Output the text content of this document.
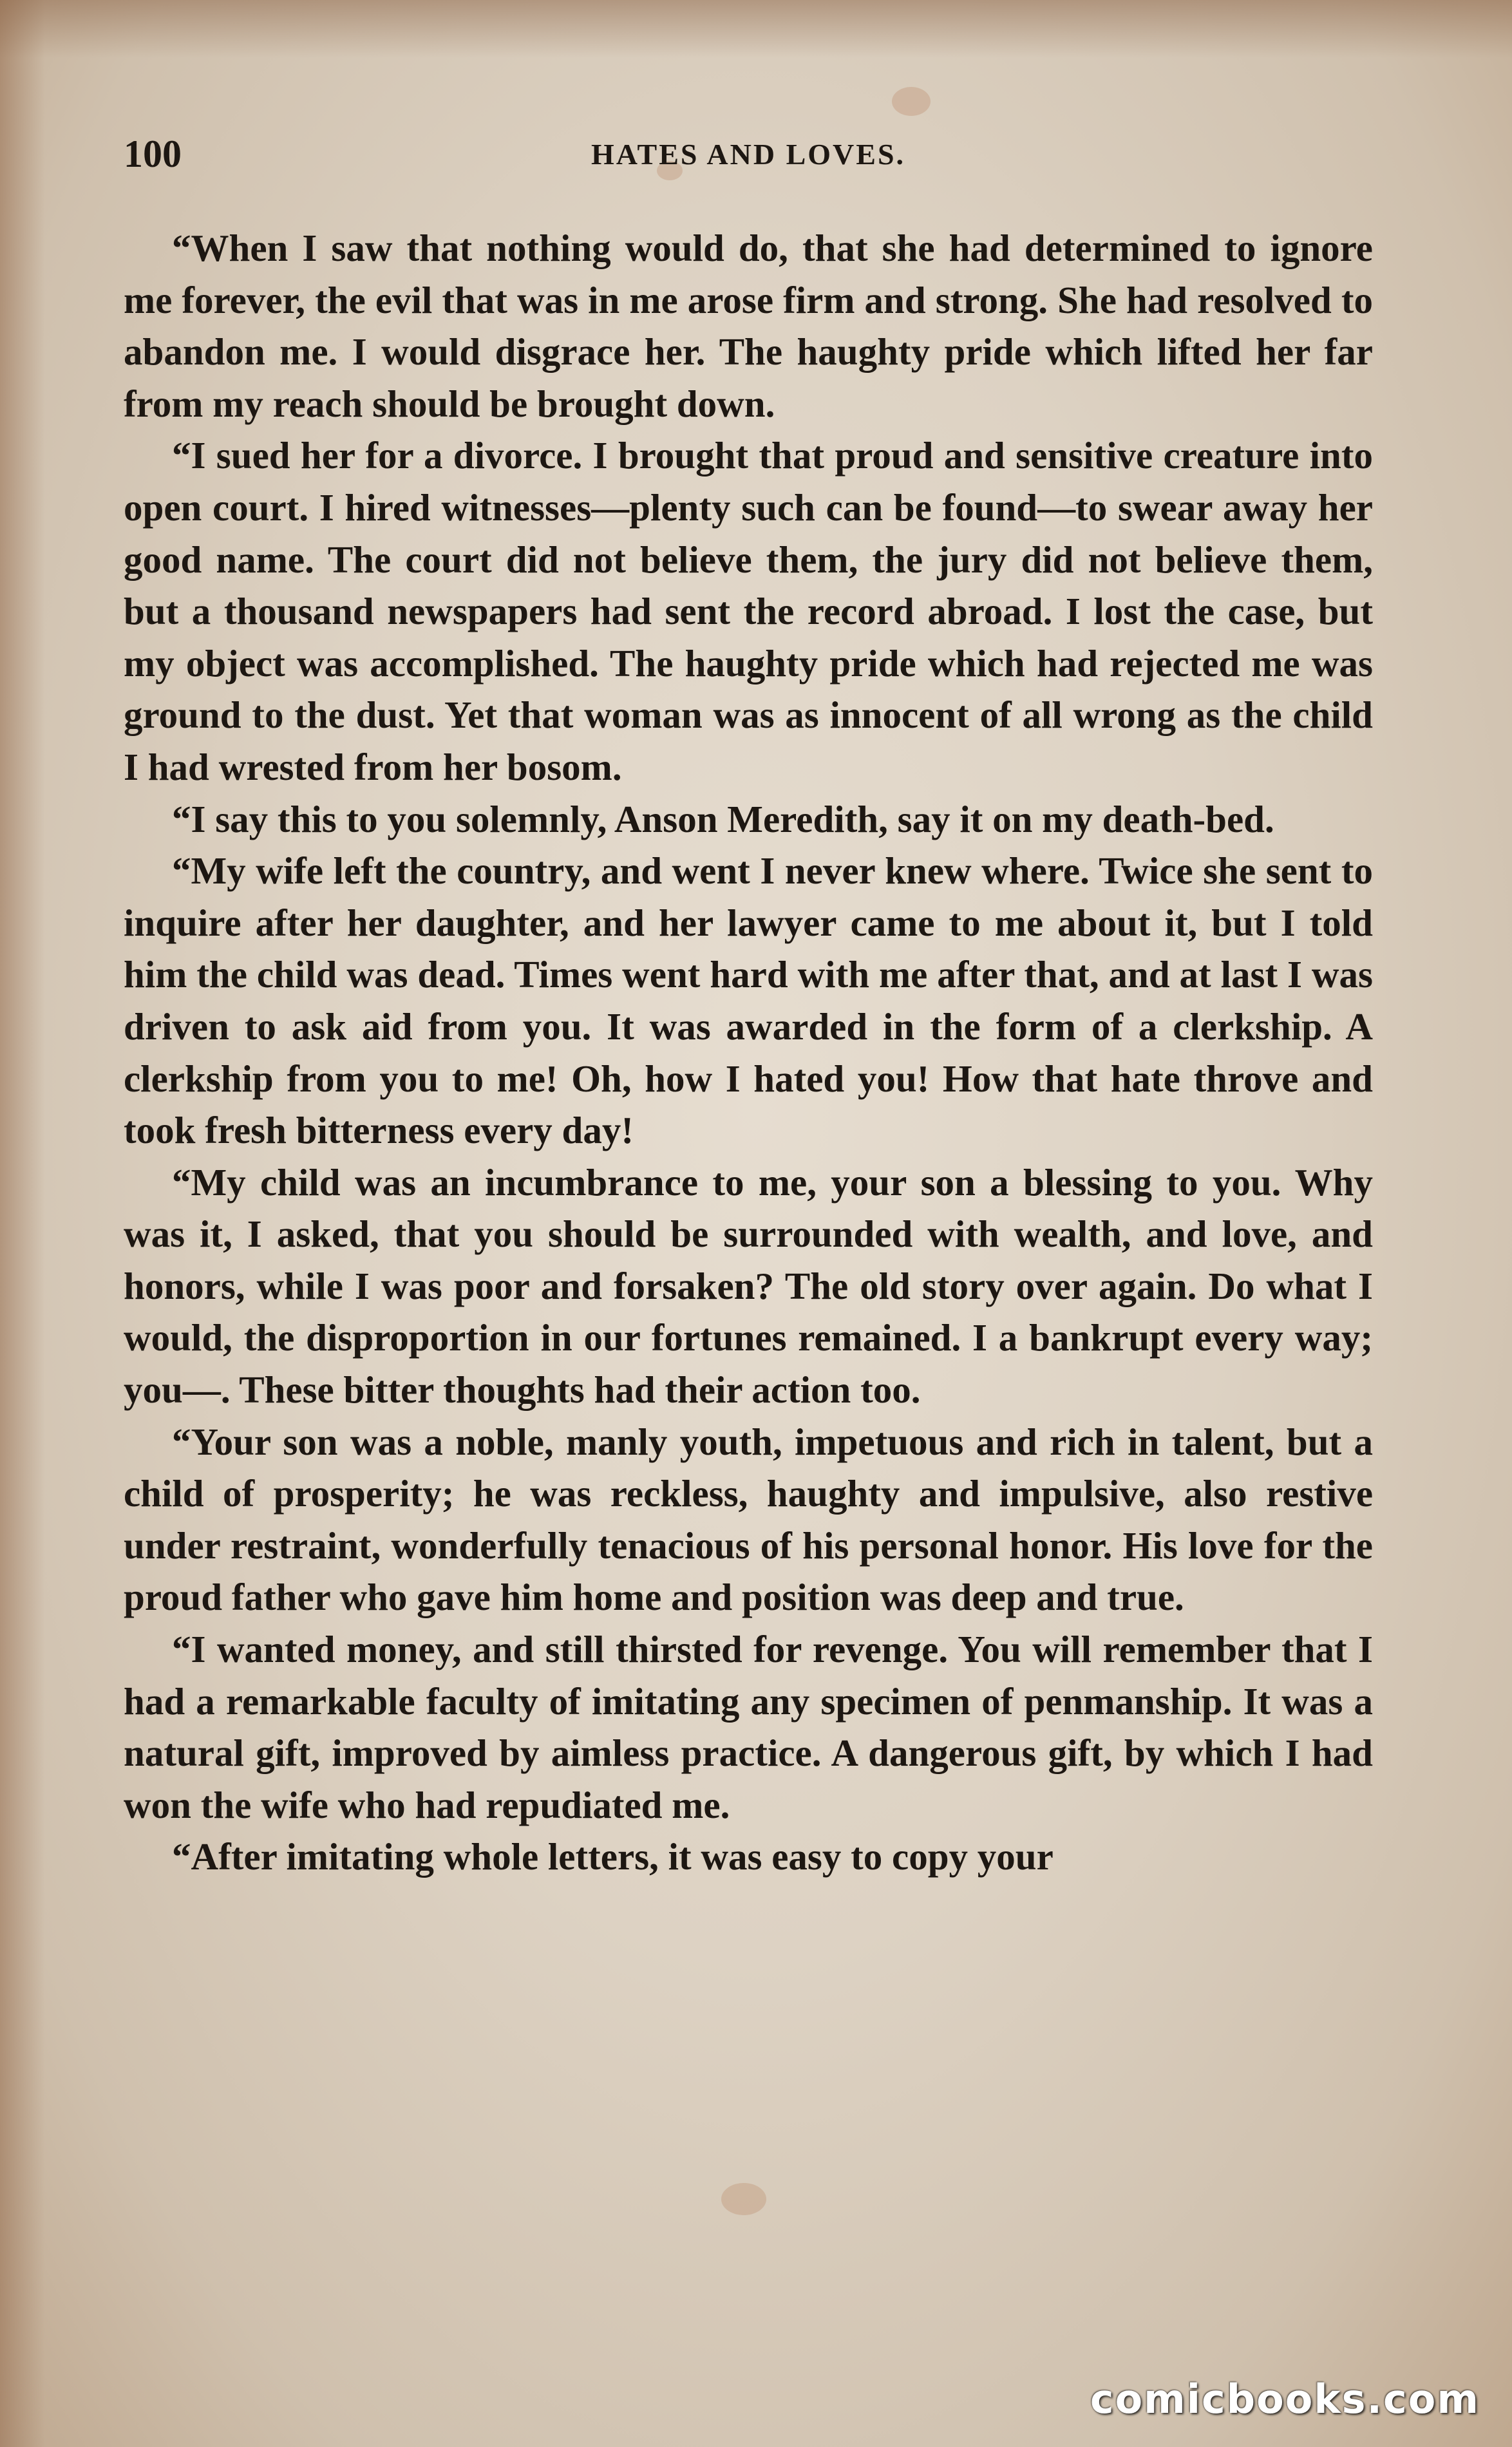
100	HATES AND LOVES.

“When I saw that nothing would do, that she had determined to ignore me forever, the evil that was in me arose firm and strong. She had resolved to abandon me. I would disgrace her. The haughty pride which lifted her far from my reach should be brought down.

“I sued her for a divorce. I brought that proud and sensitive creature into open court. I hired witnesses—plenty such can be found—to swear away her good name. The court did not believe them, the jury did not believe them, but a thousand newspapers had sent the record abroad. I lost the case, but my object was accomplished. The haughty pride which had rejected me was ground to the dust. Yet that woman was as innocent of all wrong as the child I had wrested from her bosom.

“I say this to you solemnly, Anson Meredith, say it on my death-bed.

“My wife left the country, and went I never knew where. Twice she sent to inquire after her daughter, and her lawyer came to me about it, but I told him the child was dead. Times went hard with me after that, and at last I was driven to ask aid from you. It was awarded in the form of a clerkship. A clerkship from you to me! Oh, how I hated you! How that hate throve and took fresh bitterness every day!

“My child was an incumbrance to me, your son a blessing to you. Why was it, I asked, that you should be surrounded with wealth, and love, and honors, while I was poor and forsaken? The old story over again. Do what I would, the disproportion in our fortunes remained. I a bankrupt every way; you—. These bitter thoughts had their action too.

“Your son was a noble, manly youth, impetuous and rich in talent, but a child of prosperity; he was reckless, haughty and impulsive, also restive under restraint, wonderfully tenacious of his personal honor. His love for the proud father who gave him home and position was deep and true.

“I wanted money, and still thirsted for revenge. You will remember that I had a remarkable faculty of imitating any specimen of penmanship. It was a natural gift, improved by aimless practice. A dangerous gift, by which I had won the wife who had repudiated me.

“After imitating whole letters, it was easy to copy your

comicbooks.com
